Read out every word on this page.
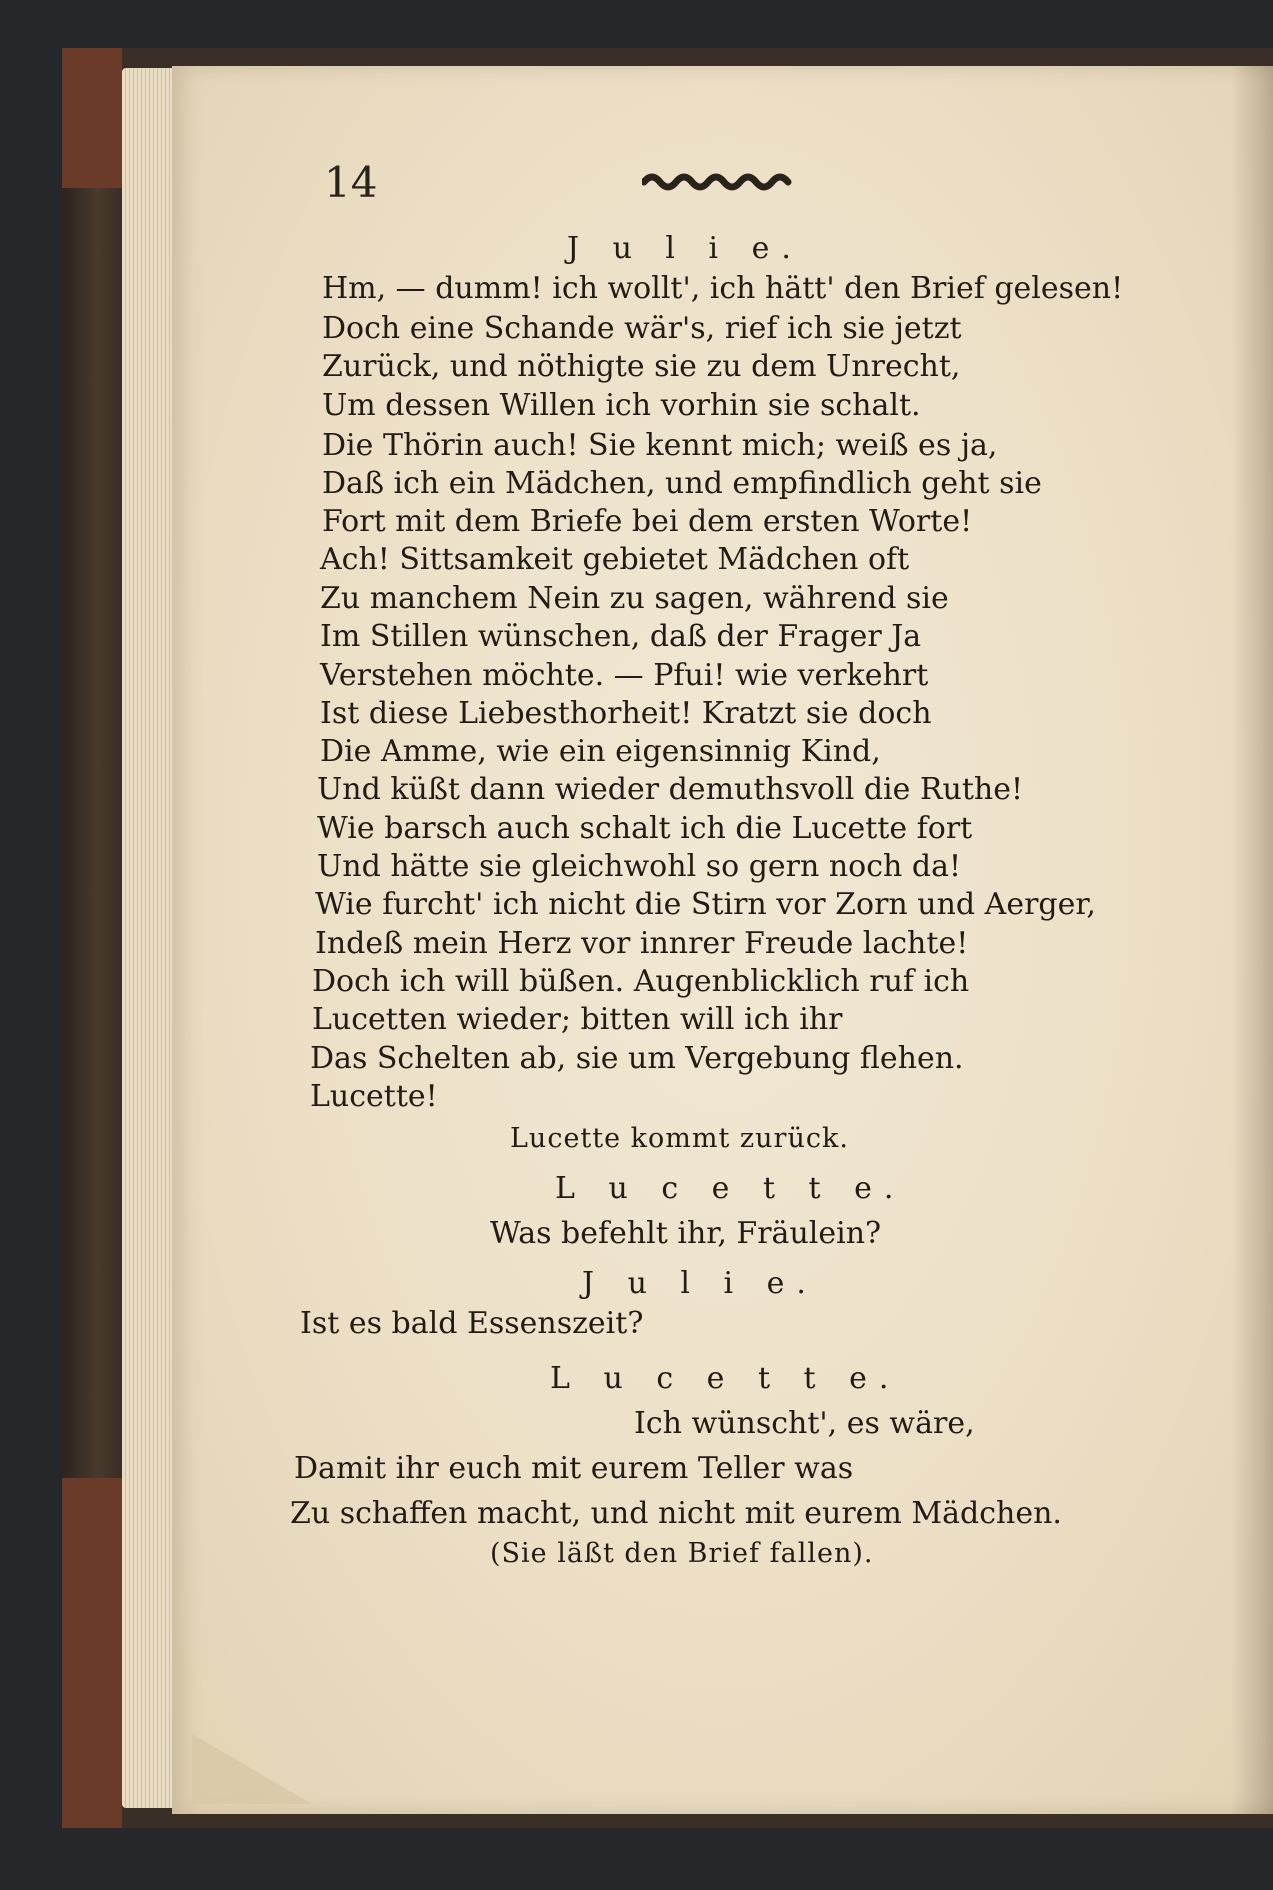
14
J u l i e.
Hm, — dumm! ich wollt', ich hätt' den Brief gelesen!
Doch eine Schande wär's, rief ich sie jetzt
Zurück, und nöthigte sie zu dem Unrecht,
Um dessen Willen ich vorhin sie schalt.
Die Thörin auch! Sie kennt mich; weiß es ja,
Daß ich ein Mädchen, und empfindlich geht sie
Fort mit dem Briefe bei dem ersten Worte!
Ach! Sittsamkeit gebietet Mädchen oft
Zu manchem Nein zu sagen, während sie
Im Stillen wünschen, daß der Frager Ja
Verstehen möchte. — Pfui! wie verkehrt
Ist diese Liebesthorheit! Kratzt sie doch
Die Amme, wie ein eigensinnig Kind,
Und küßt dann wieder demuthsvoll die Ruthe!
Wie barsch auch schalt ich die Lucette fort
Und hätte sie gleichwohl so gern noch da!
Wie furcht' ich nicht die Stirn vor Zorn und Aerger,
Indeß mein Herz vor innrer Freude lachte!
Doch ich will büßen. Augenblicklich ruf ich
Lucetten wieder; bitten will ich ihr
Das Schelten ab, sie um Vergebung flehen.
Lucette!
Lucette kommt zurück.
L u c e t t e.
Was befehlt ihr, Fräulein?
J u l i e.
Ist es bald Essenszeit?
L u c e t t e.
Ich wünscht', es wäre,
Damit ihr euch mit eurem Teller was
Zu schaffen macht, und nicht mit eurem Mädchen.
(Sie läßt den Brief fallen).
